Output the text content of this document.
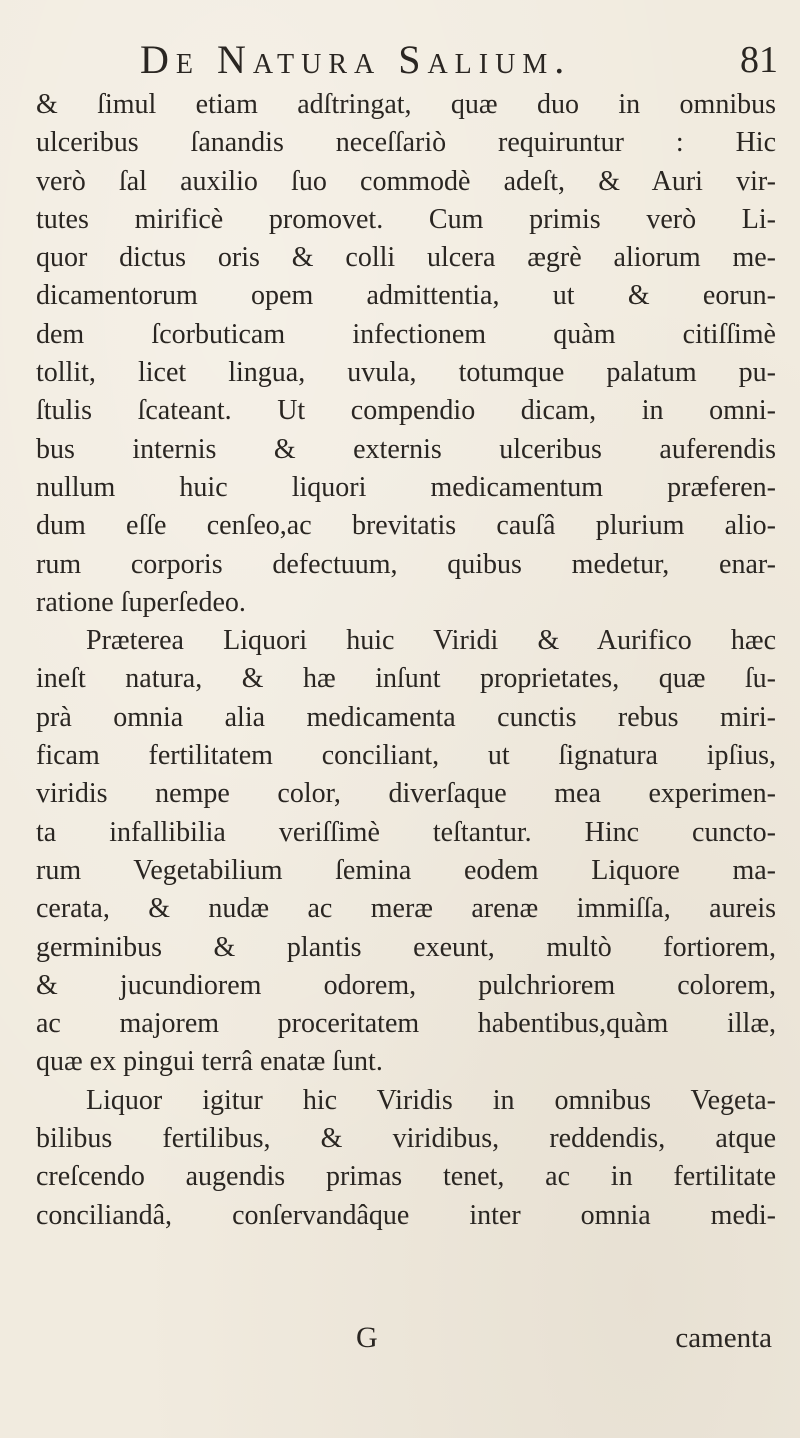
De Natura Salium.	81
& ſimul etiam adſtringat, quæ duo in omnibus
ulceribus ſanandis neceſſariò requiruntur : Hic
verò ſal auxilio ſuo commodè adeſt, & Auri vir-
tutes mirificè promovet. Cum primis verò Li-
quor dictus oris & colli ulcera ægrè aliorum me-
dicamentorum opem admittentia, ut & eorun-
dem ſcorbuticam infectionem quàm citiſſimè
tollit, licet lingua, uvula, totumque palatum pu-
ſtulis ſcateant. Ut compendio dicam, in omni-
bus internis & externis ulceribus auferendis
nullum huic liquori medicamentum præferen-
dum eſſe cenſeo,ac brevitatis cauſâ plurium alio-
rum corporis defectuum, quibus medetur, enar-
ratione ſuperſedeo.
Præterea Liquori huic Viridi & Aurifico hæc
ineſt natura, & hæ inſunt proprietates, quæ ſu-
prà omnia alia medicamenta cunctis rebus miri-
ficam fertilitatem conciliant, ut ſignatura ipſius,
viridis nempe color, diverſaque mea experimen-
ta infallibilia veriſſimè teſtantur. Hinc cuncto-
rum Vegetabilium ſemina eodem Liquore ma-
cerata, & nudæ ac meræ arenæ immiſſa, aureis
germinibus & plantis exeunt, multò fortiorem,
& jucundiorem odorem, pulchriorem colorem,
ac majorem proceritatem habentibus,quàm illæ,
quæ ex pingui terrâ enatæ ſunt.
Liquor igitur hic Viridis in omnibus Vegeta-
bilibus fertilibus, & viridibus, reddendis, atque
creſcendo augendis primas tenet, ac in fertilitate
conciliandâ, conſervandâque inter omnia medi-
G	camenta
